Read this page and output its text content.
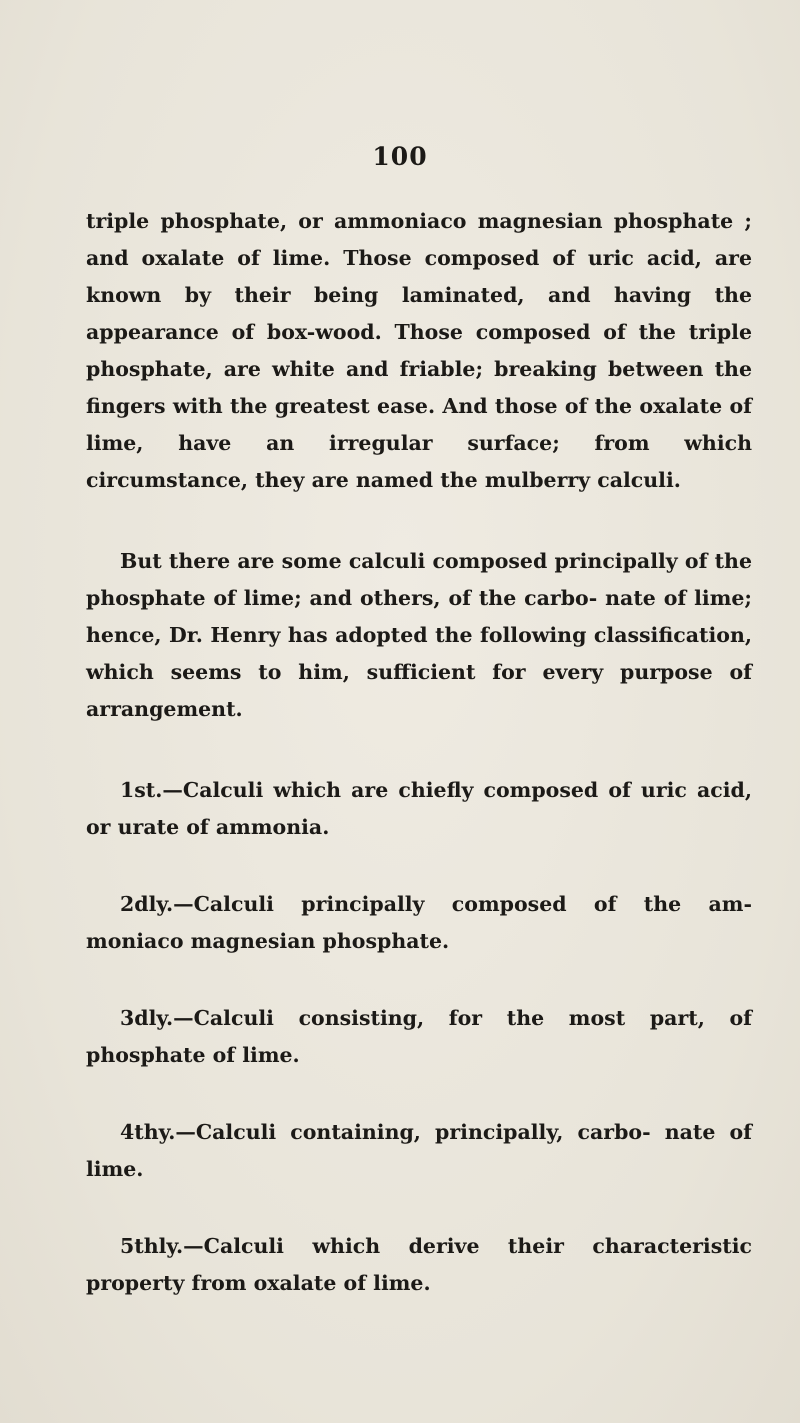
100

triple phosphate, or ammoniaco magnesian phosphate ; and oxalate of lime. Those composed of uric acid, are known by their being laminated, and having the appearance of box-wood. Those composed of the triple phosphate, are white and friable; breaking between the fingers with the greatest ease. And those of the oxalate of lime, have an irregular surface; from which circumstance, they are named the mulberry calculi.

But there are some calculi composed principally of the phosphate of lime; and others, of the carbo- nate of lime; hence, Dr. Henry has adopted the following classification, which seems to him, sufficient for every purpose of arrangement.

1st.—Calculi which are chiefly composed of uric acid, or urate of ammonia.

2dly.—Calculi principally composed of the am- moniaco magnesian phosphate.

3dly.—Calculi consisting, for the most part, of phosphate of lime.

4thy.—Calculi containing, principally, carbo- nate of lime.

5thly.—Calculi which derive their characteristic property from oxalate of lime.
